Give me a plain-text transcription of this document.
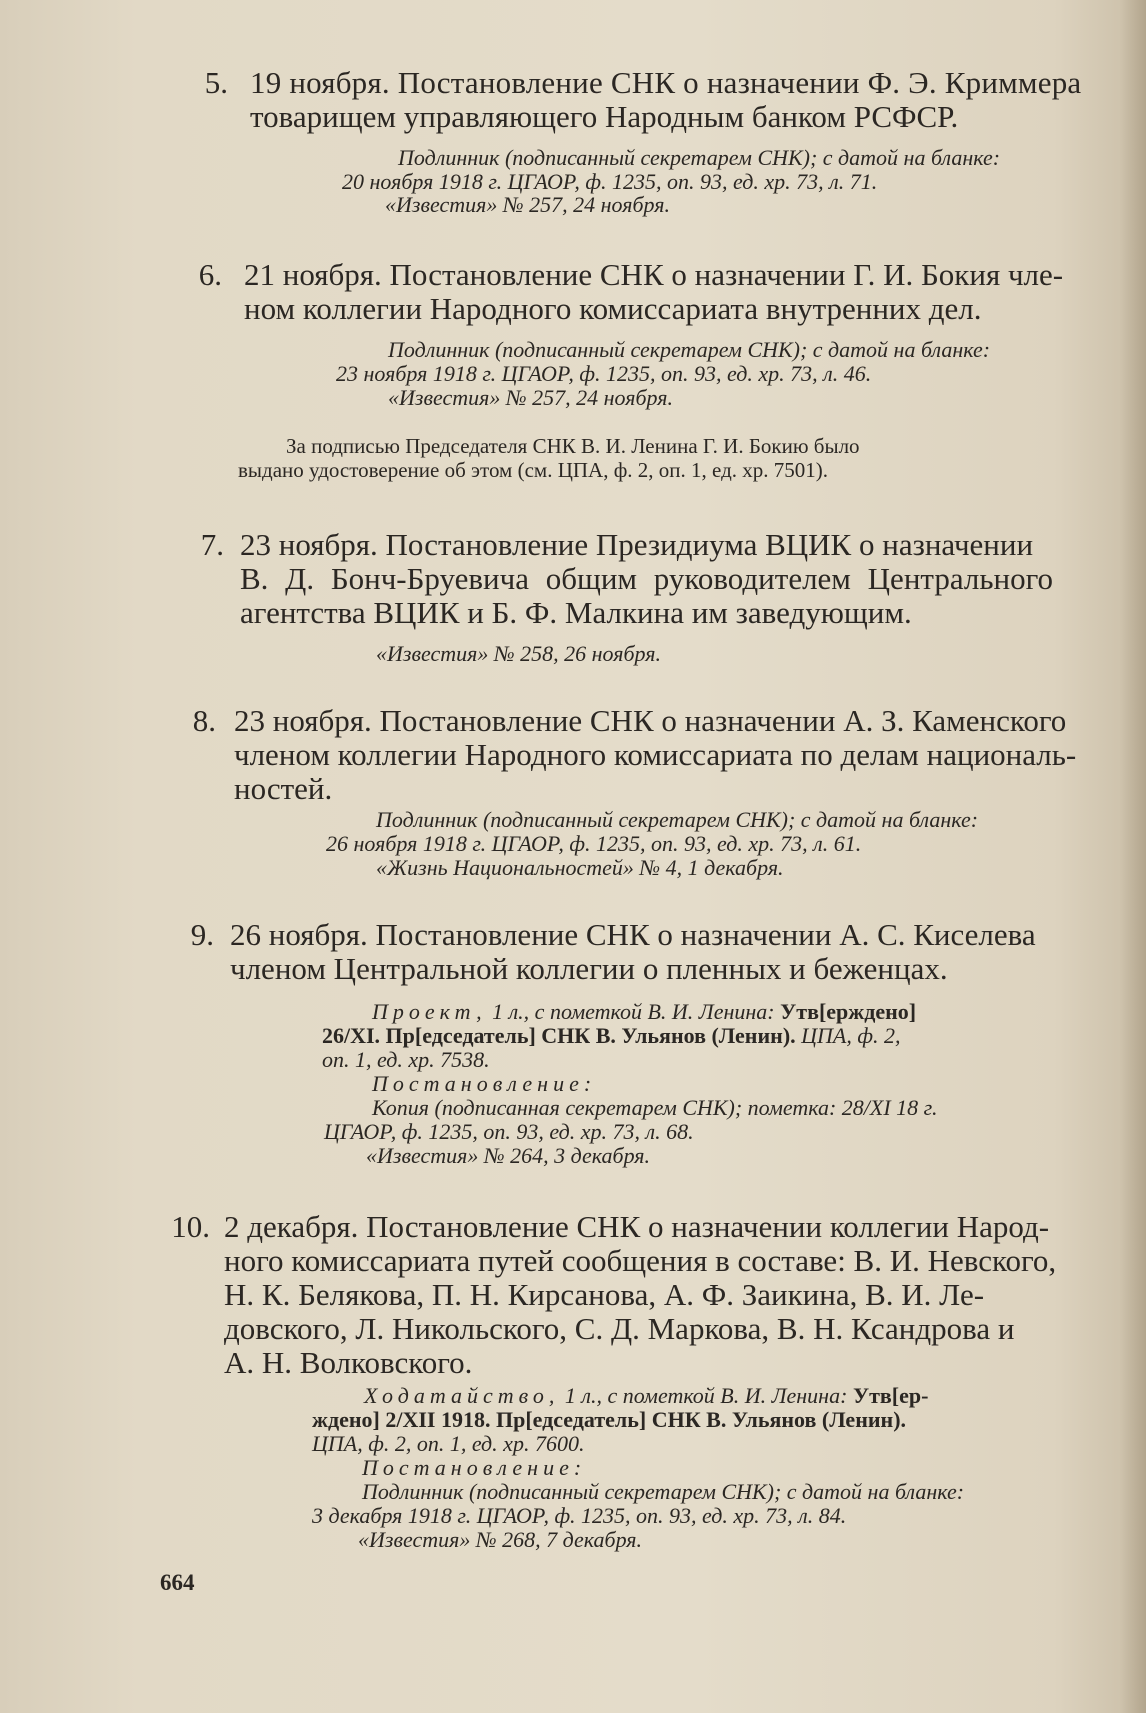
5. 19 ноября. Постановление СНК о назначении Ф. Э. Криммера
товарищем управляющего Народным банком РСФСР.
Подлинник (подписанный секретарем СНК); с датой на бланке:
20 ноября 1918 г. ЦГАОР, ф. 1235, оп. 93, ед. хр. 73, л. 71.
«Известия» № 257, 24 ноября.
6. 21 ноября. Постановление СНК о назначении Г. И. Бокия чле-
ном коллегии Народного комиссариата внутренних дел.
Подлинник (подписанный секретарем СНК); с датой на бланке:
23 ноября 1918 г. ЦГАОР, ф. 1235, оп. 93, ед. хр. 73, л. 46.
«Известия» № 257, 24 ноября.
За подписью Председателя СНК В. И. Ленина Г. И. Бокию было
выдано удостоверение об этом (см. ЦПА, ф. 2, оп. 1, ед. хр. 7501).
7. 23 ноября. Постановление Президиума ВЦИК о назначении
В. Д. Бонч-Бруевича общим руководителем Центрального
агентства ВЦИК и Б. Ф. Малкина им заведующим.
«Известия» № 258, 26 ноября.
8. 23 ноября. Постановление СНК о назначении А. З. Каменского
членом коллегии Народного комиссариата по делам националь-
ностей.
Подлинник (подписанный секретарем СНК); с датой на бланке:
26 ноября 1918 г. ЦГАОР, ф. 1235, оп. 93, ед. хр. 73, л. 61.
«Жизнь Национальностей» № 4, 1 декабря.
9. 26 ноября. Постановление СНК о назначении А. С. Киселева
членом Центральной коллегии о пленных и беженцах.
Проект, 1 л., с пометкой В. И. Ленина: Утв[ерждено]
26/XI. Пр[едседатель] СНК В. Ульянов (Ленин). ЦПА, ф. 2,
оп. 1, ед. хр. 7538.
Постановление:
Копия (подписанная секретарем СНК); пометка: 28/XI 18 г.
ЦГАОР, ф. 1235, оп. 93, ед. хр. 73, л. 68.
«Известия» № 264, 3 декабря.
10. 2 декабря. Постановление СНК о назначении коллегии Народ-
ного комиссариата путей сообщения в составе: В. И. Невского,
Н. К. Белякова, П. Н. Кирсанова, А. Ф. Заикина, В. И. Ле-
довского, Л. Никольского, С. Д. Маркова, В. Н. Ксандрова и
А. Н. Волковского.
Ходатайство, 1 л., с пометкой В. И. Ленина: Утв[ер-
ждено] 2/XII 1918. Пр[едседатель] СНК В. Ульянов (Ленин).
ЦПА, ф. 2, оп. 1, ед. хр. 7600.
Постановление:
Подлинник (подписанный секретарем СНК); с датой на бланке:
3 декабря 1918 г. ЦГАОР, ф. 1235, оп. 93, ед. хр. 73, л. 84.
«Известия» № 268, 7 декабря.
664
